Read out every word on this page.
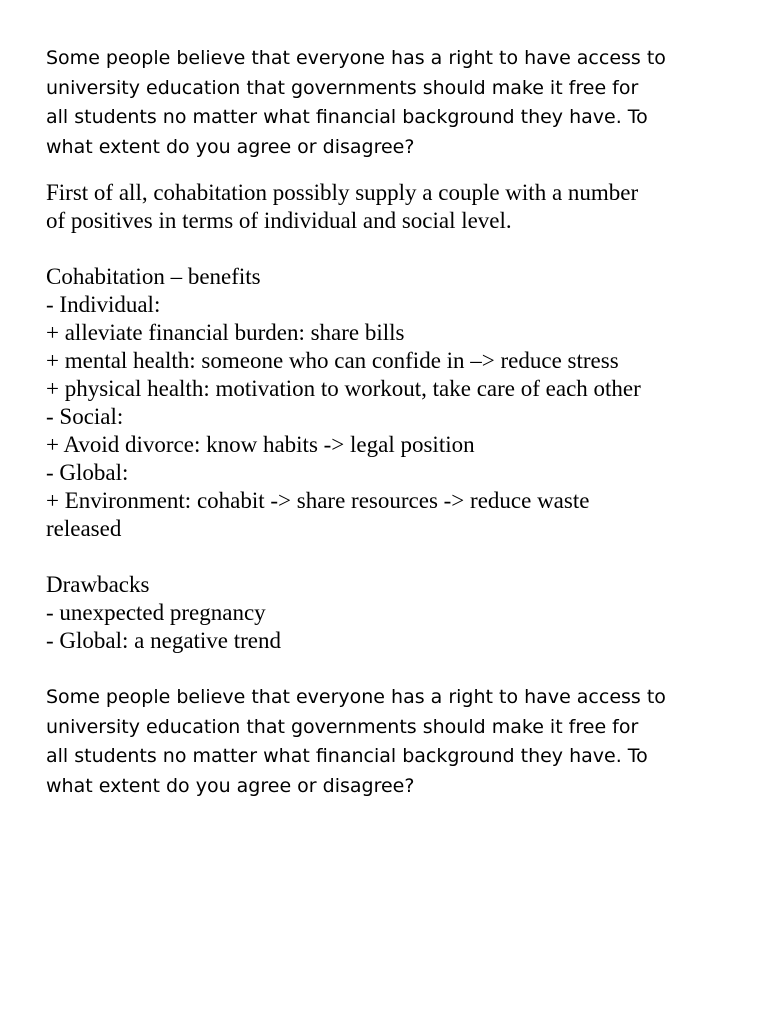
Some people believe that everyone has a right to have access to
university education that governments should make it free for
all students no matter what financial background they have. To
what extent do you agree or disagree?

First of all, cohabitation possibly supply a couple with a number
of positives in terms of individual and social level.
Cohabitation – benefits
- Individual:
+ alleviate financial burden: share bills
+ mental health: someone who can confide in –> reduce stress
+ physical health: motivation to workout, take care of each other
- Social:
+ Avoid divorce: know habits -> legal position
- Global:
+ Environment: cohabit -> share resources -> reduce waste
released
Drawbacks
- unexpected pregnancy
- Global: a negative trend

Some people believe that everyone has a right to have access to
university education that governments should make it free for
all students no matter what financial background they have. To
what extent do you agree or disagree?
